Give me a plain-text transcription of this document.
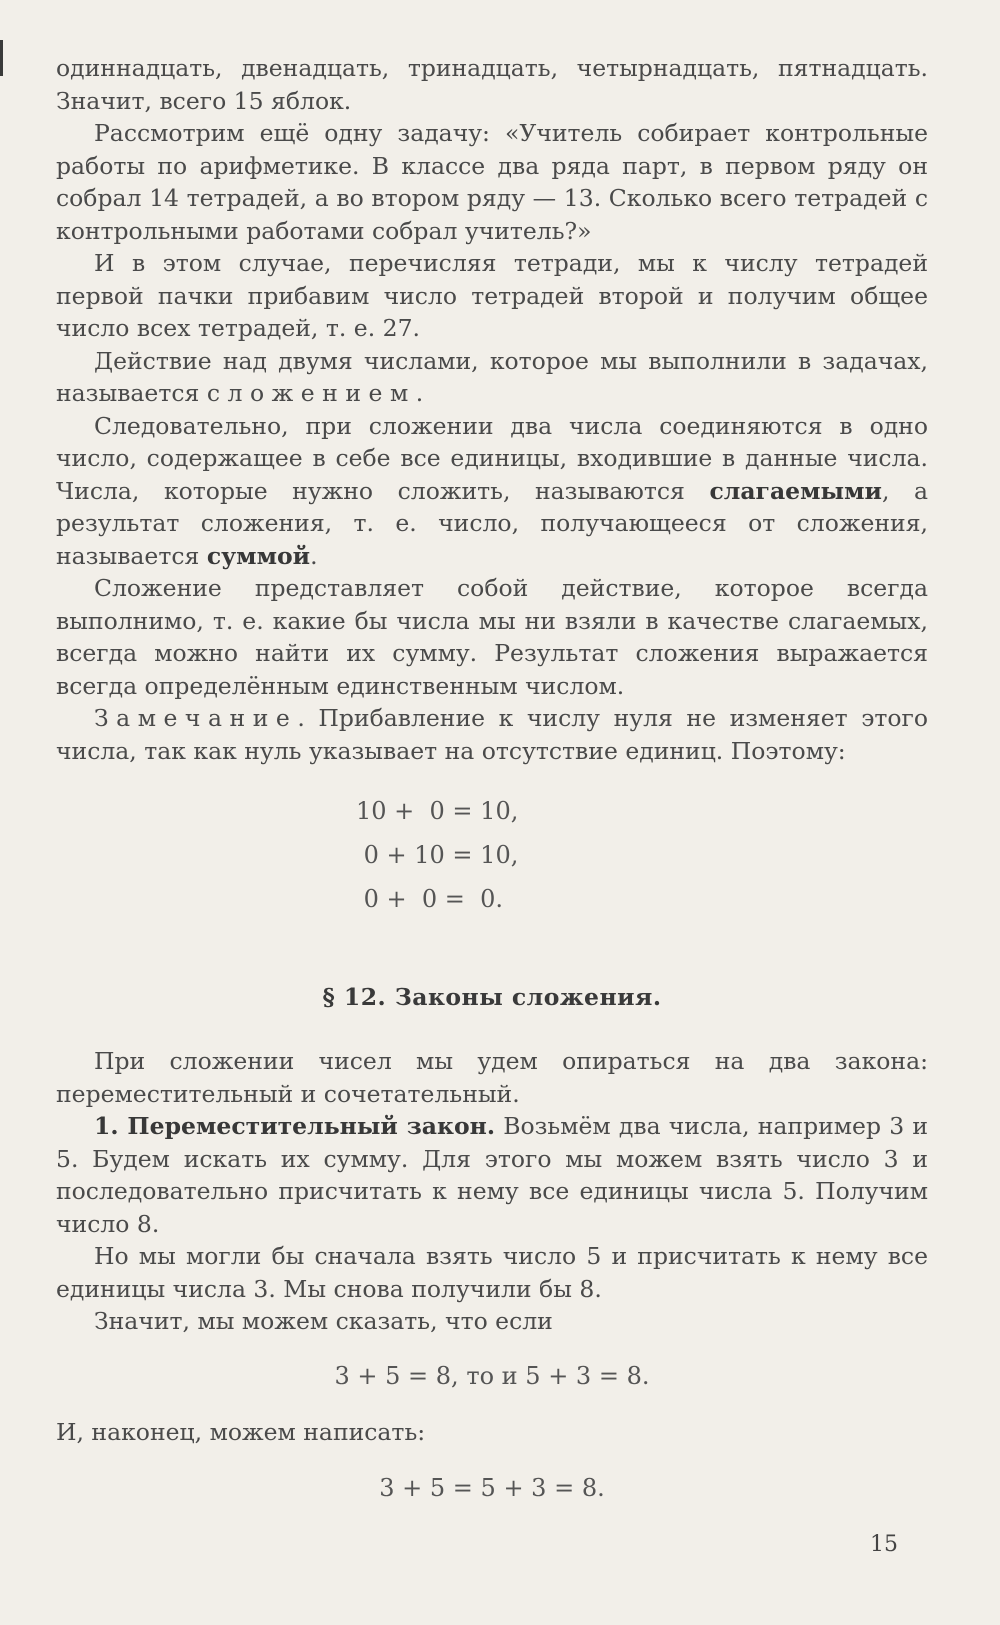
одиннадцать, двенадцать, тринадцать, четырнадцать, пятнадцать. Значит, всего 15 яблок.

Рассмотрим ещё одну задачу: «Учитель собирает контрольные работы по арифметике. В классе два ряда парт, в первом ряду он собрал 14 тетрадей, а во втором ряду — 13. Сколько всего тетрадей с контрольными работами собрал учитель?»

И в этом случае, перечисляя тетради, мы к числу тетрадей первой пачки прибавим число тетрадей второй и получим общее число всех тетрадей, т. е. 27.

Действие над двумя числами, которое мы выполнили в задачах, называется сложением.

Следовательно, при сложении два числа соединяются в одно число, содержащее в себе все единицы, входившие в данные числа. Числа, которые нужно сложить, называются слагаемыми, а результат сложения, т. е. число, получающееся от сложения, называется суммой.

Сложение представляет собой действие, которое всегда выполнимо, т. е. какие бы числа мы ни взяли в качестве слагаемых, всегда можно найти их сумму. Результат сложения выражается всегда определённым единственным числом.

Замечание. Прибавление к числу нуля не изменяет этого числа, так как нуль указывает на отсутствие единиц. Поэтому:

10 +  0 = 10,
0 + 10 = 10,
0 +  0 =  0.
§ 12. Законы сложения.

При сложении чисел мы удем опираться на два закона: переместительный и сочетательный.

1. Переместительный закон. Возьмём два числа, например 3 и 5. Будем искать их сумму. Для этого мы можем взять число 3 и последовательно присчитать к нему все единицы числа 5. Получим число 8.

Но мы могли бы сначала взять число 5 и присчитать к нему все единицы числа 3. Мы снова получили бы 8.

Значит, мы можем сказать, что если

3 + 5 = 8, то и 5 + 3 = 8.

И, наконец, можем написать:

3 + 5 = 5 + 3 = 8.
15
